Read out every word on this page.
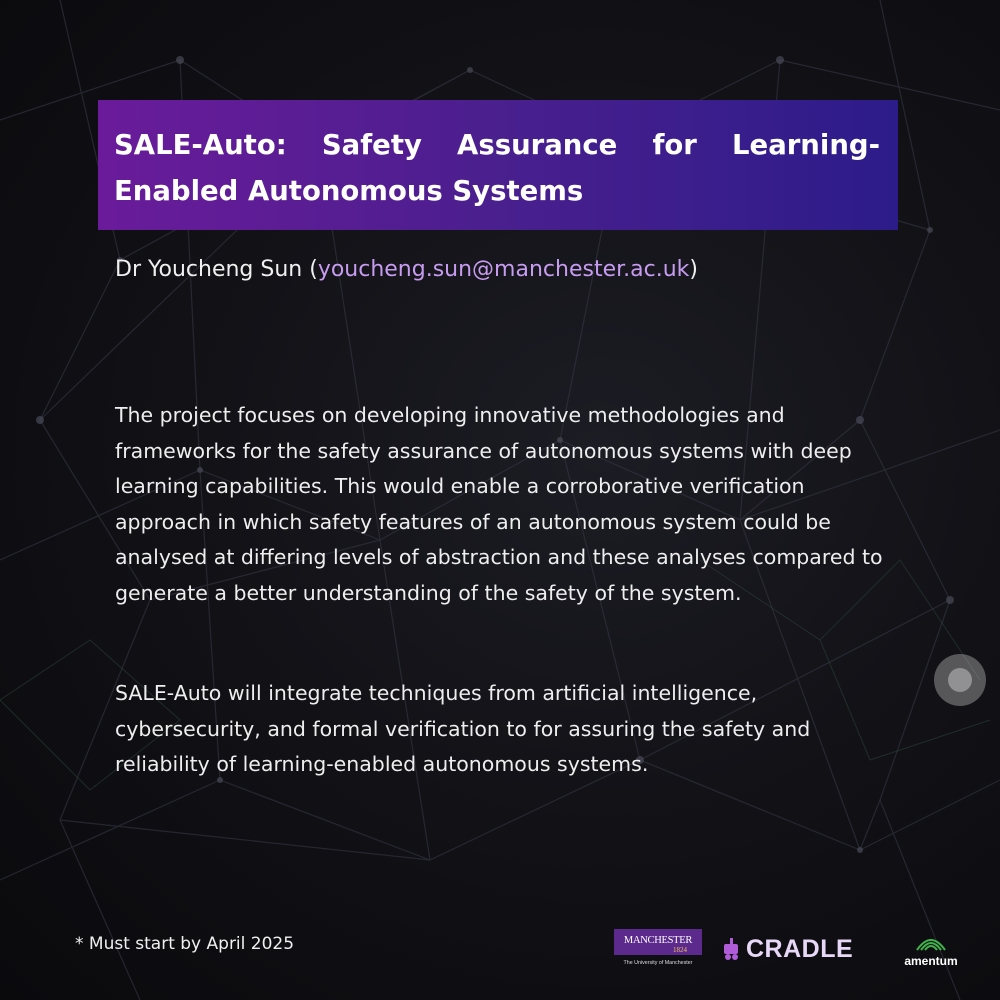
SALE-Auto: Safety Assurance for Learning-Enabled Autonomous Systems
Dr Youcheng Sun (youcheng.sun@manchester.ac.uk)

The project focuses on developing innovative methodologies and frameworks for the safety assurance of autonomous systems with deep learning capabilities. This would enable a corroborative verification approach in which safety features of an autonomous system could be analysed at differing levels of abstraction and these analyses compared to generate a better understanding of the safety of the system.

SALE-Auto will integrate techniques from artificial intelligence, cybersecurity, and formal verification to for assuring the safety and reliability of learning-enabled autonomous systems.

* Must start by April 2025	MANCHESTER
1824
The University of Manchester CRADLE	amentum
